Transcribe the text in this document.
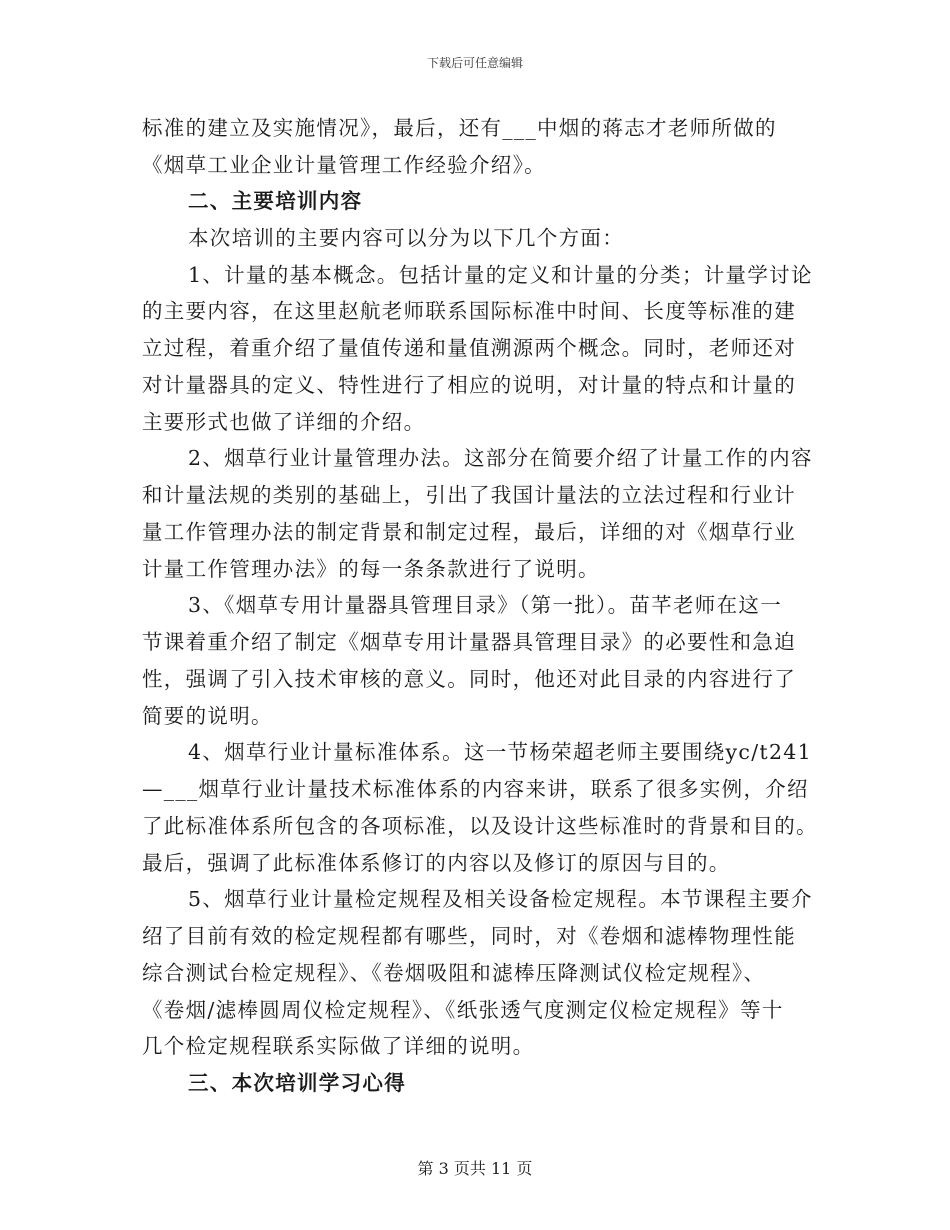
下载后可任意编辑
标准的建立及实施情况》，最后，还有___中烟的蒋志才老师所做的
《烟草工业企业计量管理工作经验介绍》。
二、主要培训内容
本次培训的主要内容可以分为以下几个方面：
1、计量的基本概念。包括计量的定义和计量的分类；计量学讨论
的主要内容，在这里赵航老师联系国际标准中时间、长度等标准的建
立过程，着重介绍了量值传递和量值溯源两个概念。同时，老师还对
对计量器具的定义、特性进行了相应的说明，对计量的特点和计量的
主要形式也做了详细的介绍。
2、烟草行业计量管理办法。这部分在简要介绍了计量工作的内容
和计量法规的类别的基础上，引出了我国计量法的立法过程和行业计
量工作管理办法的制定背景和制定过程，最后，详细的对《烟草行业
计量工作管理办法》的每一条条款进行了说明。
3、《烟草专用计量器具管理目录》（第一批）。苗芊老师在这一
节课着重介绍了制定《烟草专用计量器具管理目录》的必要性和急迫
性，强调了引入技术审核的意义。同时，他还对此目录的内容进行了
简要的说明。
4、烟草行业计量标准体系。这一节杨荣超老师主要围绕yc/t241
—___烟草行业计量技术标准体系的内容来讲，联系了很多实例，介绍
了此标准体系所包含的各项标准，以及设计这些标准时的背景和目的。
最后，强调了此标准体系修订的内容以及修订的原因与目的。
5、烟草行业计量检定规程及相关设备检定规程。本节课程主要介
绍了目前有效的检定规程都有哪些，同时，对《卷烟和滤棒物理性能
综合测试台检定规程》、《卷烟吸阻和滤棒压降测试仪检定规程》、
《卷烟/滤棒圆周仪检定规程》、《纸张透气度测定仪检定规程》等十
几个检定规程联系实际做了详细的说明。
三、本次培训学习心得
第 3 页共 11 页
